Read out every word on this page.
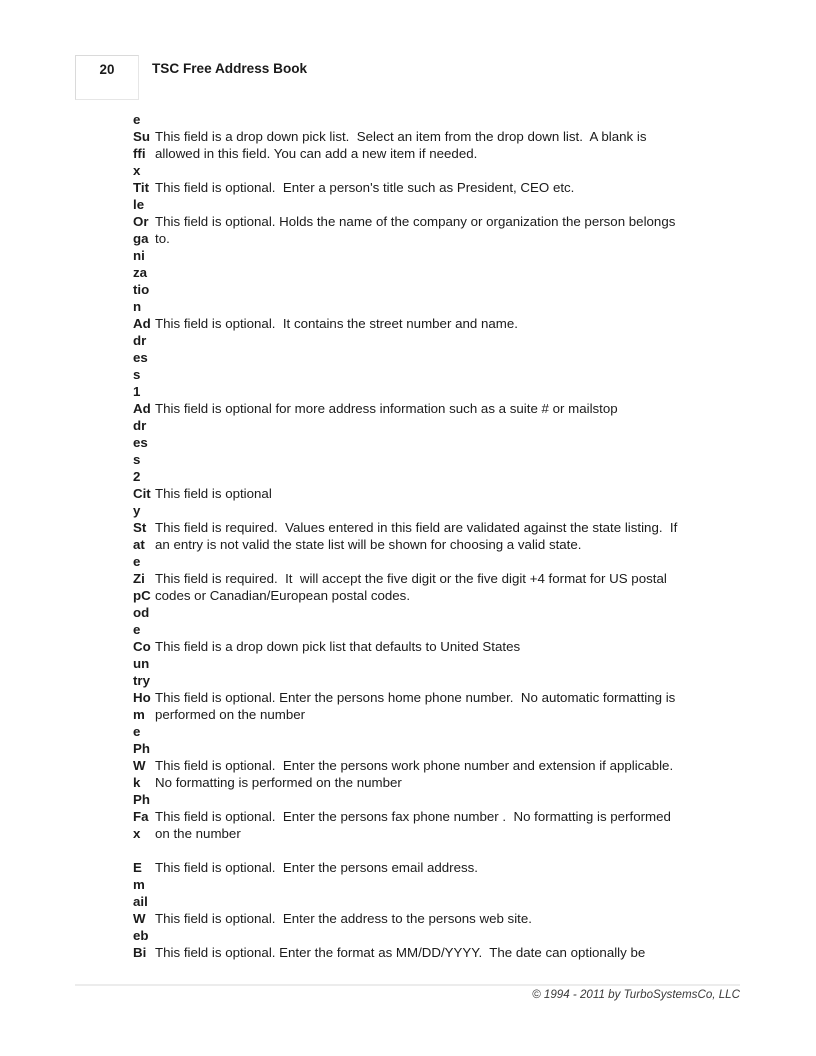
20	TSC Free Address Book
e
Su
ffi
x
This field is a drop down pick list.  Select an item from the drop down list.  A blank is
allowed in this field. You can add a new item if needed.
Tit
le
This field is optional.  Enter a person's title such as President, CEO etc.
Or
ga
ni
za
tio
n
This field is optional. Holds the name of the company or organization the person belongs
to.
Ad
dr
es
s
1
This field is optional.  It contains the street number and name.
Ad
dr
es
s
2
This field is optional for more address information such as a suite # or mailstop
Cit
y
This field is optional
St
at
e
This field is required.  Values entered in this field are validated against the state listing.  If
an entry is not valid the state list will be shown for choosing a valid state.
Zi
pC
od
e
This field is required.  It  will accept the five digit or the five digit +4 format for US postal
codes or Canadian/European postal codes.
Co
un
try
This field is a drop down pick list that defaults to United States
Ho
m
e
Ph
This field is optional. Enter the persons home phone number.  No automatic formatting is
performed on the number
W
k
Ph
This field is optional.  Enter the persons work phone number and extension if applicable.
No formatting is performed on the number
Fa
x
This field is optional.  Enter the persons fax phone number .  No formatting is performed
on the number
E
m
ail
This field is optional.  Enter the persons email address.
W
eb
This field is optional.  Enter the address to the persons web site.
Bi This field is optional. Enter the format as MM/DD/YYYY.  The date can optionally be
© 1994 - 2011 by TurboSystemsCo, LLC
